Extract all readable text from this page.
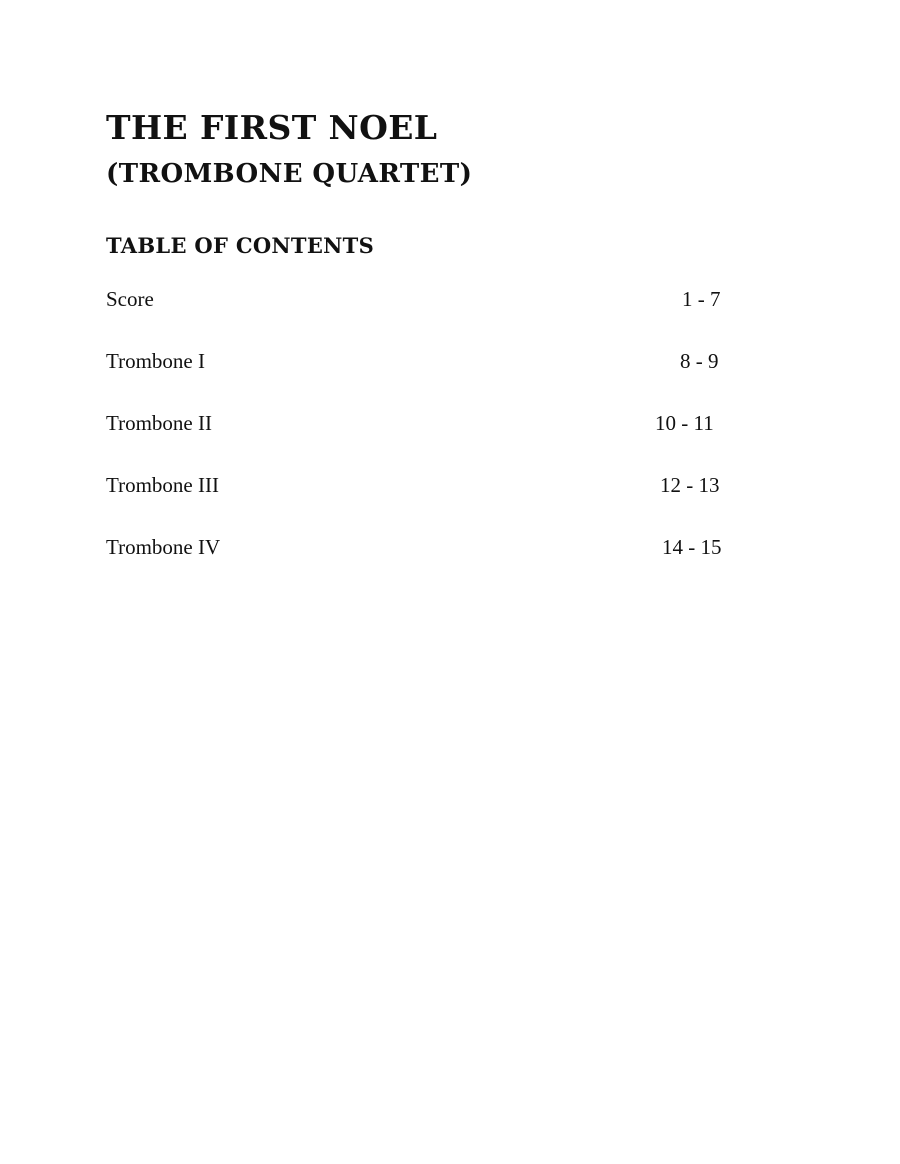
THE FIRST NOEL
(TROMBONE QUARTET)
TABLE OF CONTENTS
Score	1 - 7
Trombone I	8 - 9
Trombone II	10 - 11
Trombone III	12 - 13
Trombone IV	14 - 15
